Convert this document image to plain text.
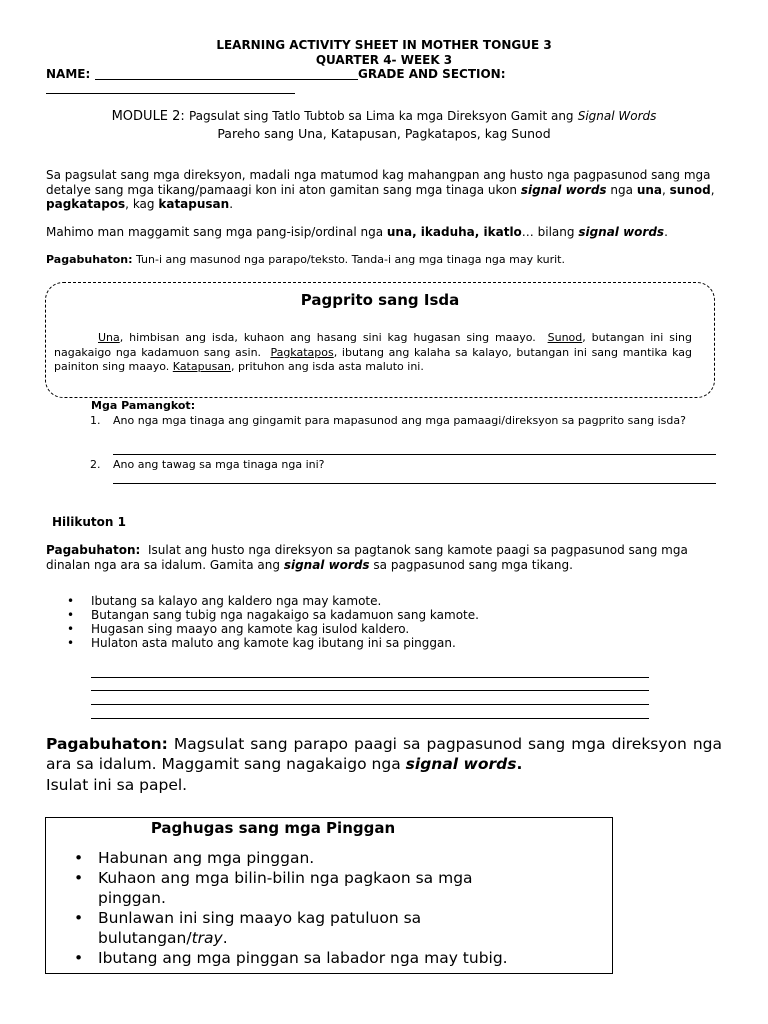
LEARNING ACTIVITY SHEET IN MOTHER TONGUE 3
QUARTER 4- WEEK 3
NAME:	GRADE AND SECTION:
MODULE 2: Pagsulat sing Tatlo Tubtob sa Lima ka mga Direksyon Gamit ang Signal Words
Pareho sang Una, Katapusan, Pagkatapos, kag Sunod
Sa pagsulat sang mga direksyon, madali nga matumod kag mahangpan ang husto nga pagpasunod sang mga detalye sang mga tikang/pamaagi kon ini aton gamitan sang mga tinaga ukon signal words nga una, sunod, pagkatapos, kag katapusan.
Mahimo man maggamit sang mga pang-isip/ordinal nga una, ikaduha, ikatlo… bilang signal words.
Pagabuhaton: Tun-i ang masunod nga parapo/teksto. Tanda-i ang mga tinaga nga may kurit.
Pagprito sang Isda
Una, himbisan ang isda, kuhaon ang hasang sini kag hugasan sing maayo. Sunod, butangan ini sing nagakaigo nga kadamuon sang asin. Pagkatapos, ibutang ang kalaha sa kalayo, butangan ini sang mantika kag painiton sing maayo. Katapusan, prituhon ang isda asta maluto ini.
Mga Pamangkot:
1. Ano nga mga tinaga ang gingamit para mapasunod ang mga pamaagi/direksyon sa pagprito sang isda?
2. Ano ang tawag sa mga tinaga nga ini?
Hilikuton 1
Pagabuhaton: Isulat ang husto nga direksyon sa pagtanok sang kamote paagi sa pagpasunod sang mga dinalan nga ara sa idalum. Gamita ang signal words sa pagpasunod sang mga tikang.
• Ibutang sa kalayo ang kaldero nga may kamote.
• Butangan sang tubig nga nagakaigo sa kadamuon sang kamote.
• Hugasan sing maayo ang kamote kag isulod kaldero.
• Hulaton asta maluto ang kamote kag ibutang ini sa pinggan.
Pagabuhaton: Magsulat sang parapo paagi sa pagpasunod sang mga direksyon nga ara sa idalum. Maggamit sang nagakaigo nga signal words.
Isulat ini sa papel.
Paghugas sang mga Pinggan
• Habunan ang mga pinggan.
• Kuhaon ang mga bilin-bilin nga pagkaon sa mga pinggan.
• Bunlawan ini sing maayo kag patuluon sa bulutangan/tray.
• Ibutang ang mga pinggan sa labador nga may tubig.
